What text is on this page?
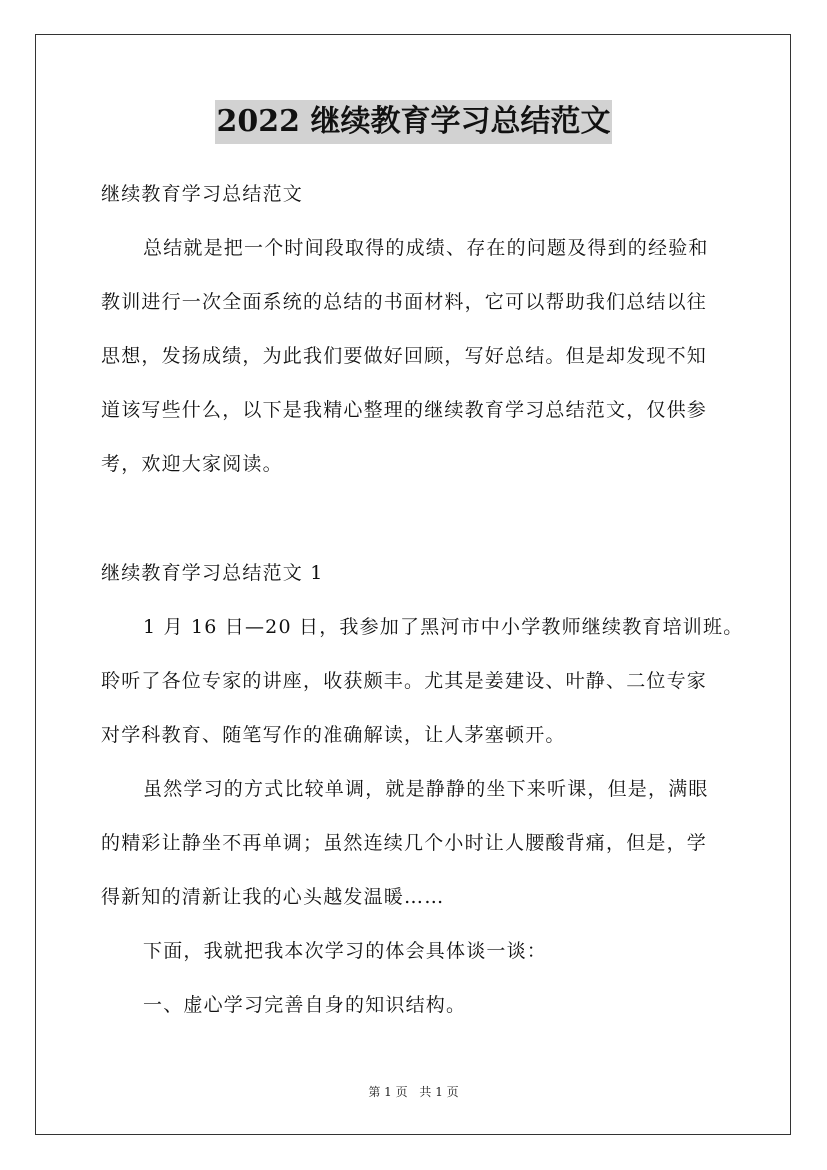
2022 继续教育学习总结范文
继续教育学习总结范文
总结就是把一个时间段取得的成绩、存在的问题及得到的经验和
教训进行一次全面系统的总结的书面材料，它可以帮助我们总结以往
思想，发扬成绩，为此我们要做好回顾，写好总结。但是却发现不知
道该写些什么，以下是我精心整理的继续教育学习总结范文，仅供参
考，欢迎大家阅读。
继续教育学习总结范文 1
1 月 16 日—20 日，我参加了黑河市中小学教师继续教育培训班。
聆听了各位专家的讲座，收获颇丰。尤其是姜建设、叶静、二位专家
对学科教育、随笔写作的准确解读，让人茅塞顿开。
虽然学习的方式比较单调，就是静静的坐下来听课，但是，满眼
的精彩让静坐不再单调；虽然连续几个小时让人腰酸背痛，但是，学
得新知的清新让我的心头越发温暖……
下面，我就把我本次学习的体会具体谈一谈：
一、虚心学习完善自身的知识结构。
第 1 页 共 1 页
